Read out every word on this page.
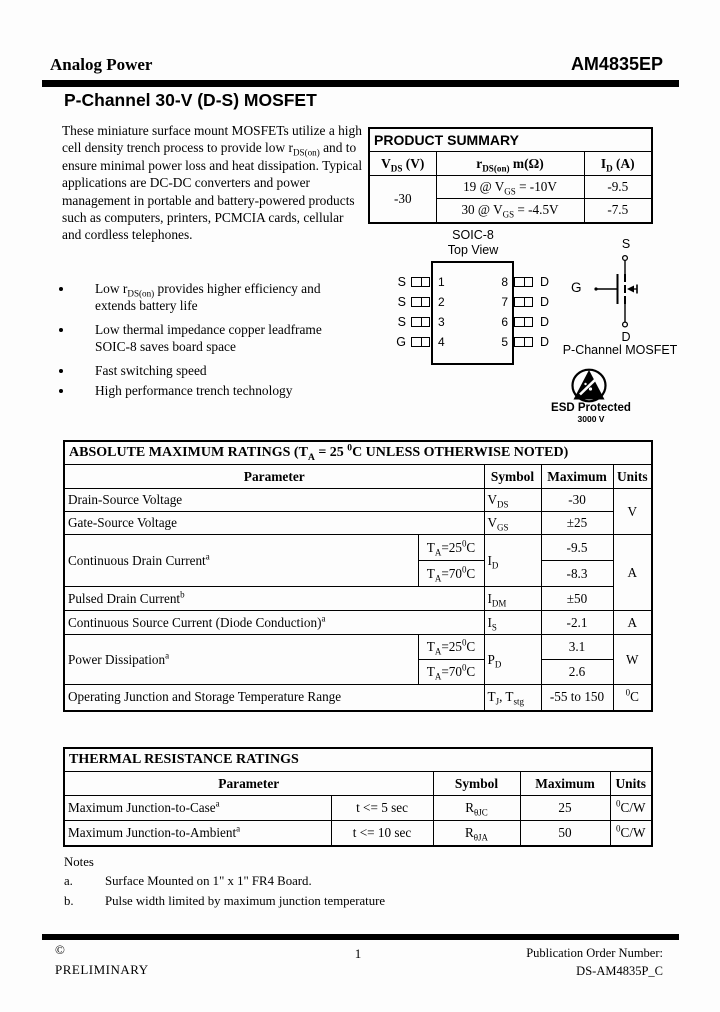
Analog Power	AM4835EP
P-Channel 30-V (D-S) MOSFET
These miniature surface mount MOSFETs utilize a high cell density trench process to provide low $r_{DS(on)}$ and to ensure minimal power loss and heat dissipation. Typical applications are DC-DC converters and power management in portable and battery-powered products such as computers, printers, PCMCIA cards, cellular and cordless telephones.
Low $r_{DS(on)}$ provides higher efficiency and extends battery life
Low thermal impedance copper leadframe SOIC-8 saves board space
Fast switching speed
High performance trench technology
PRODUCT SUMMARY		
$V_{DS}$ (V)	$r_{DS(on)}$ m(Ω)	$I_D$ (A)
-30	19 @ $V_{GS} = -10V$	-9.5
	30 @ $V_{GS} = -4.5V$	-7.5
SOIC-8
Top View
S
S
S
G
1
2
3
4
8
7
6
5
D
D
D
D
S
G
D
P-Channel MOSFET
ESD Protected
3000 V
ABSOLUTE MAXIMUM RATINGS ($T_A = 25$ $^0$C UNLESS OTHERWISE NOTED)				
Parameter		Symbol	Maximum	Units
Drain-Source Voltage		$V_{DS}$	-30	V
Gate-Source Voltage		$V_{GS}$	±25	
Continuous Drain Current$^a$	$T_A=25^0C$	$I_D$	-9.5	A
	$T_A=70^0C$		-8.3	
Pulsed Drain Current$^b$		$I_{DM}$	±50	
Continuous Source Current (Diode Conduction)$^a$		$I_S$	-2.1	A
Power Dissipation$^a$	$T_A=25^0C$	$P_D$	3.1	W
	$T_A=70^0C$		2.6	
Operating Junction and Storage Temperature Range		$T_J$, $T_{stg}$	-55 to 150	$^0$C
THERMAL RESISTANCE RATINGS				
Parameter		Symbol	Maximum	Units
Maximum Junction-to-Case$^a$	t <= 5 sec	$R_{\theta JC}$	25	$^0$C/W
Maximum Junction-to-Ambient$^a$	t <= 10 sec	$R_{\theta JA}$	50	$^0$C/W
Notes
a.	Surface Mounted on 1" x 1" FR4 Board.
b.	Pulse width limited by maximum junction temperature
©
PRELIMINARY
1	Publication Order Number:
DS-AM4835P_C
